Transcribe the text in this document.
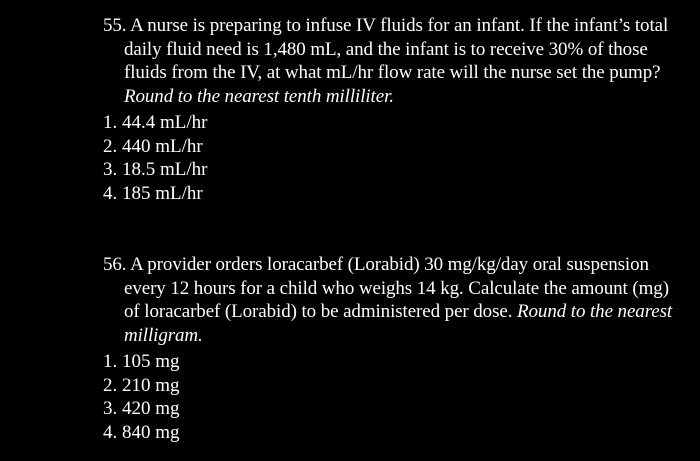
55. A nurse is preparing to infuse IV fluids for an infant. If the infant’s total daily fluid need is 1,480 mL, and the infant is to receive 30% of those fluids from the IV, at what mL/hr flow rate will the nurse set the pump? Round to the nearest tenth milliliter.
1. 44.4 mL/hr
2. 440 mL/hr
3. 18.5 mL/hr
4. 185 mL/hr
56. A provider orders loracarbef (Lorabid) 30 mg/kg/day oral suspension every 12 hours for a child who weighs 14 kg. Calculate the amount (mg) of loracarbef (Lorabid) to be administered per dose. Round to the nearest milligram.
1. 105 mg
2. 210 mg
3. 420 mg
4. 840 mg
